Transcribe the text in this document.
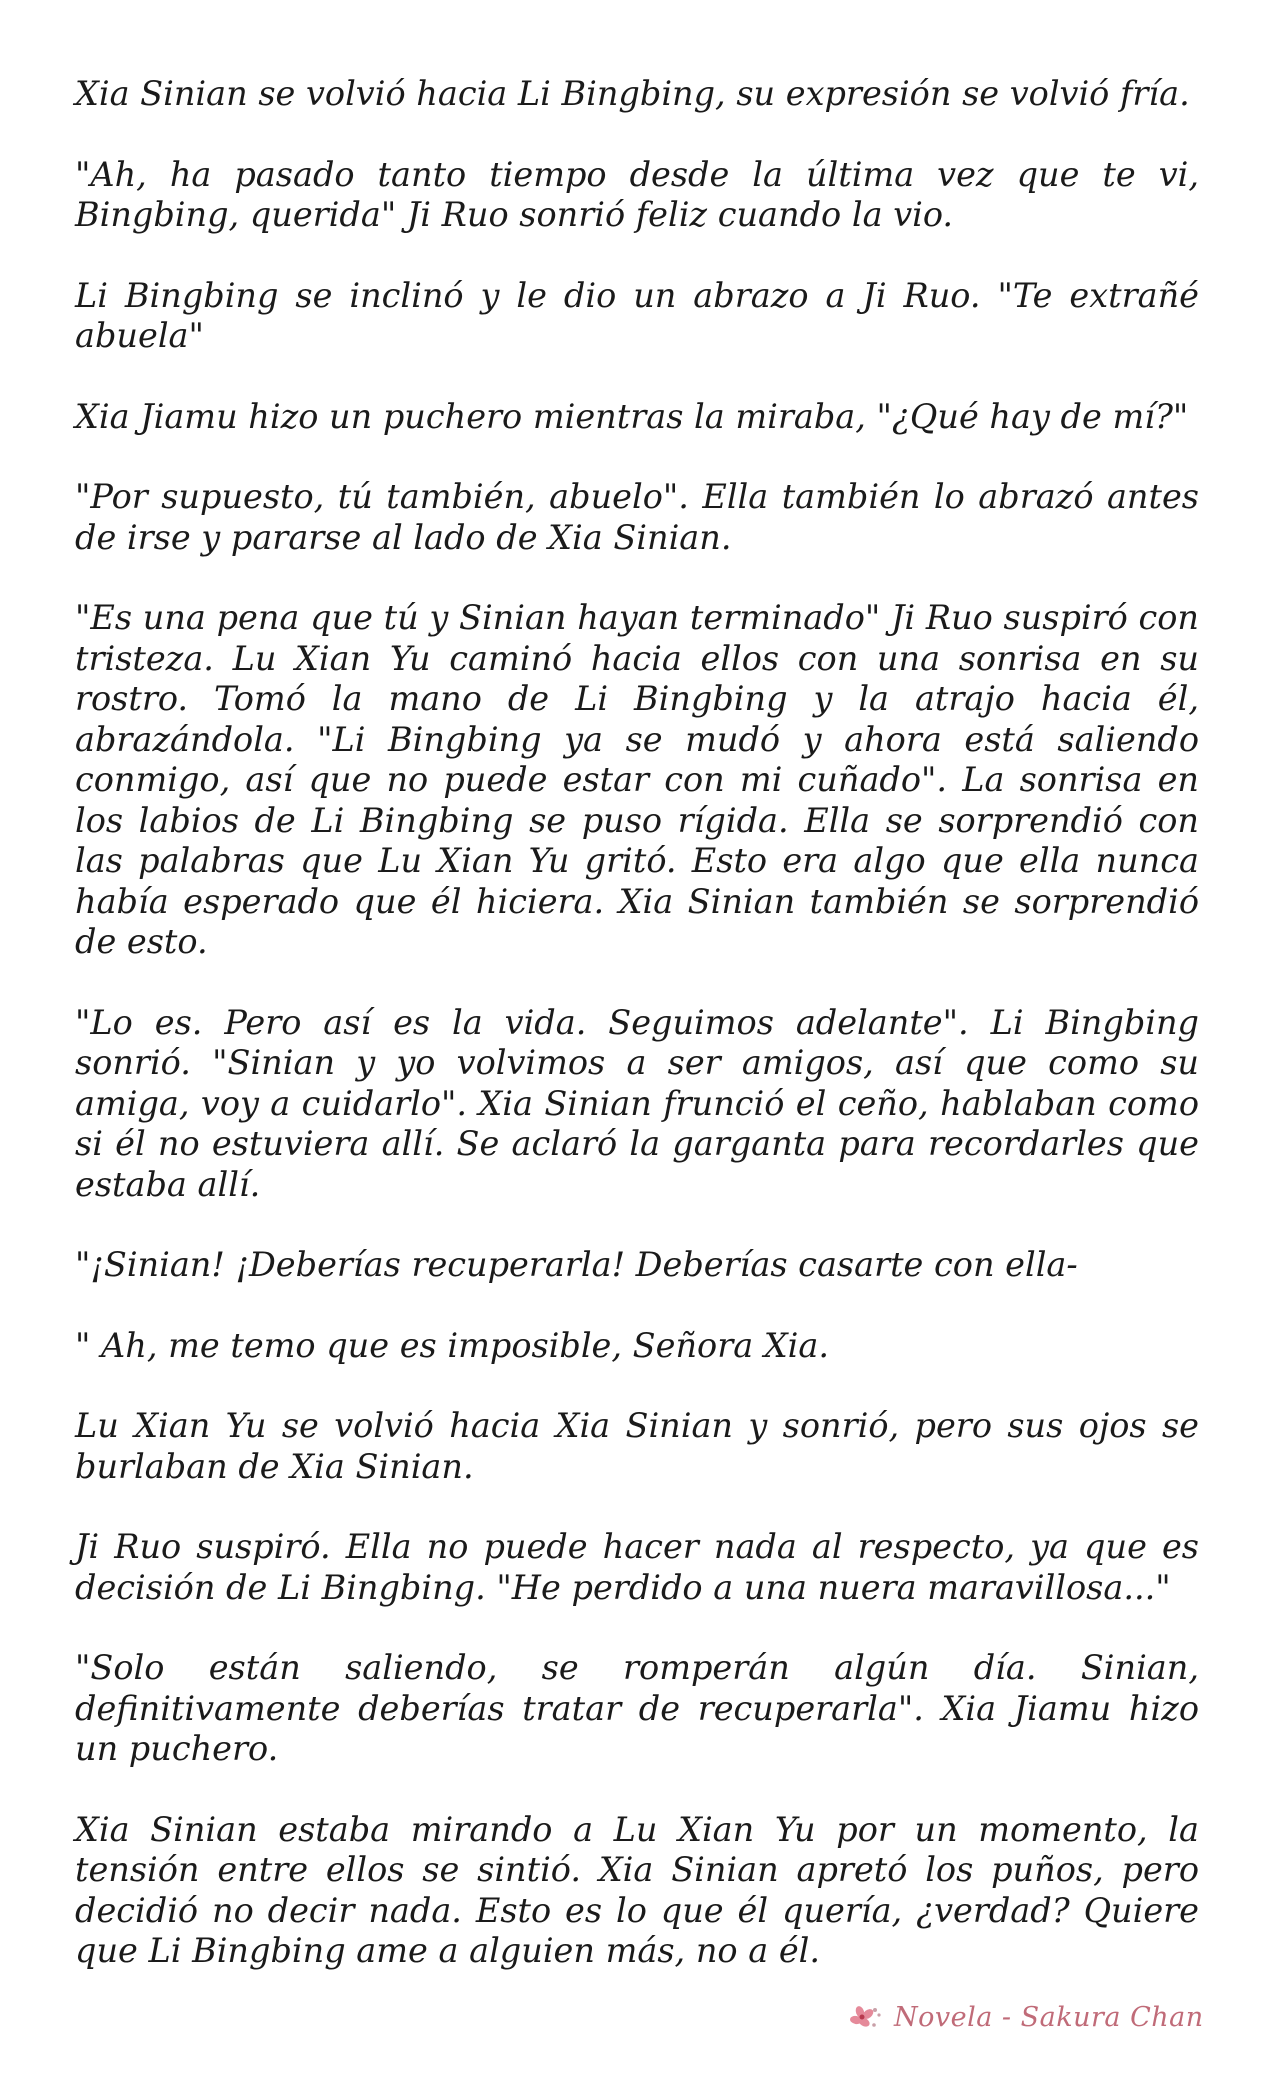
Xia Sinian se volvió hacia Li Bingbing, su expresión se volvió fría.

"Ah, ha pasado tanto tiempo desde la última vez que te vi, Bingbing, querida" Ji Ruo sonrió feliz cuando la vio.

Li Bingbing se inclinó y le dio un abrazo a Ji Ruo. "Te extrañé abuela"

Xia Jiamu hizo un puchero mientras la miraba, "¿Qué hay de mí?"

"Por supuesto, tú también, abuelo". Ella también lo abrazó antes de irse y pararse al lado de Xia Sinian.

"Es una pena que tú y Sinian hayan terminado" Ji Ruo suspiró con tristeza. Lu Xian Yu caminó hacia ellos con una sonrisa en su rostro. Tomó la mano de Li Bingbing y la atrajo hacia él, abrazándola. "Li Bingbing ya se mudó y ahora está saliendo conmigo, así que no puede estar con mi cuñado". La sonrisa en los labios de Li Bingbing se puso rígida. Ella se sorprendió con las palabras que Lu Xian Yu gritó. Esto era algo que ella nunca había esperado que él hiciera. Xia Sinian también se sorprendió de esto.

"Lo es. Pero así es la vida. Seguimos adelante". Li Bingbing sonrió. "Sinian y yo volvimos a ser amigos, así que como su amiga, voy a cuidarlo". Xia Sinian frunció el ceño, hablaban como si él no estuviera allí. Se aclaró la garganta para recordarles que estaba allí.

"¡Sinian! ¡Deberías recuperarla! Deberías casarte con ella-

" Ah, me temo que es imposible, Señora Xia.

Lu Xian Yu se volvió hacia Xia Sinian y sonrió, pero sus ojos se burlaban de Xia Sinian.

Ji Ruo suspiró. Ella no puede hacer nada al respecto, ya que es decisión de Li Bingbing. "He perdido a una nuera maravillosa..."

"Solo están saliendo, se romperán algún día. Sinian, definitivamente deberías tratar de recuperarla". Xia Jiamu hizo un puchero.

Xia Sinian estaba mirando a Lu Xian Yu por un momento, la tensión entre ellos se sintió. Xia Sinian apretó los puños, pero decidió no decir nada. Esto es lo que él quería, ¿verdad? Quiere que Li Bingbing ame a alguien más, no a él.

Novela - Sakura Chan
